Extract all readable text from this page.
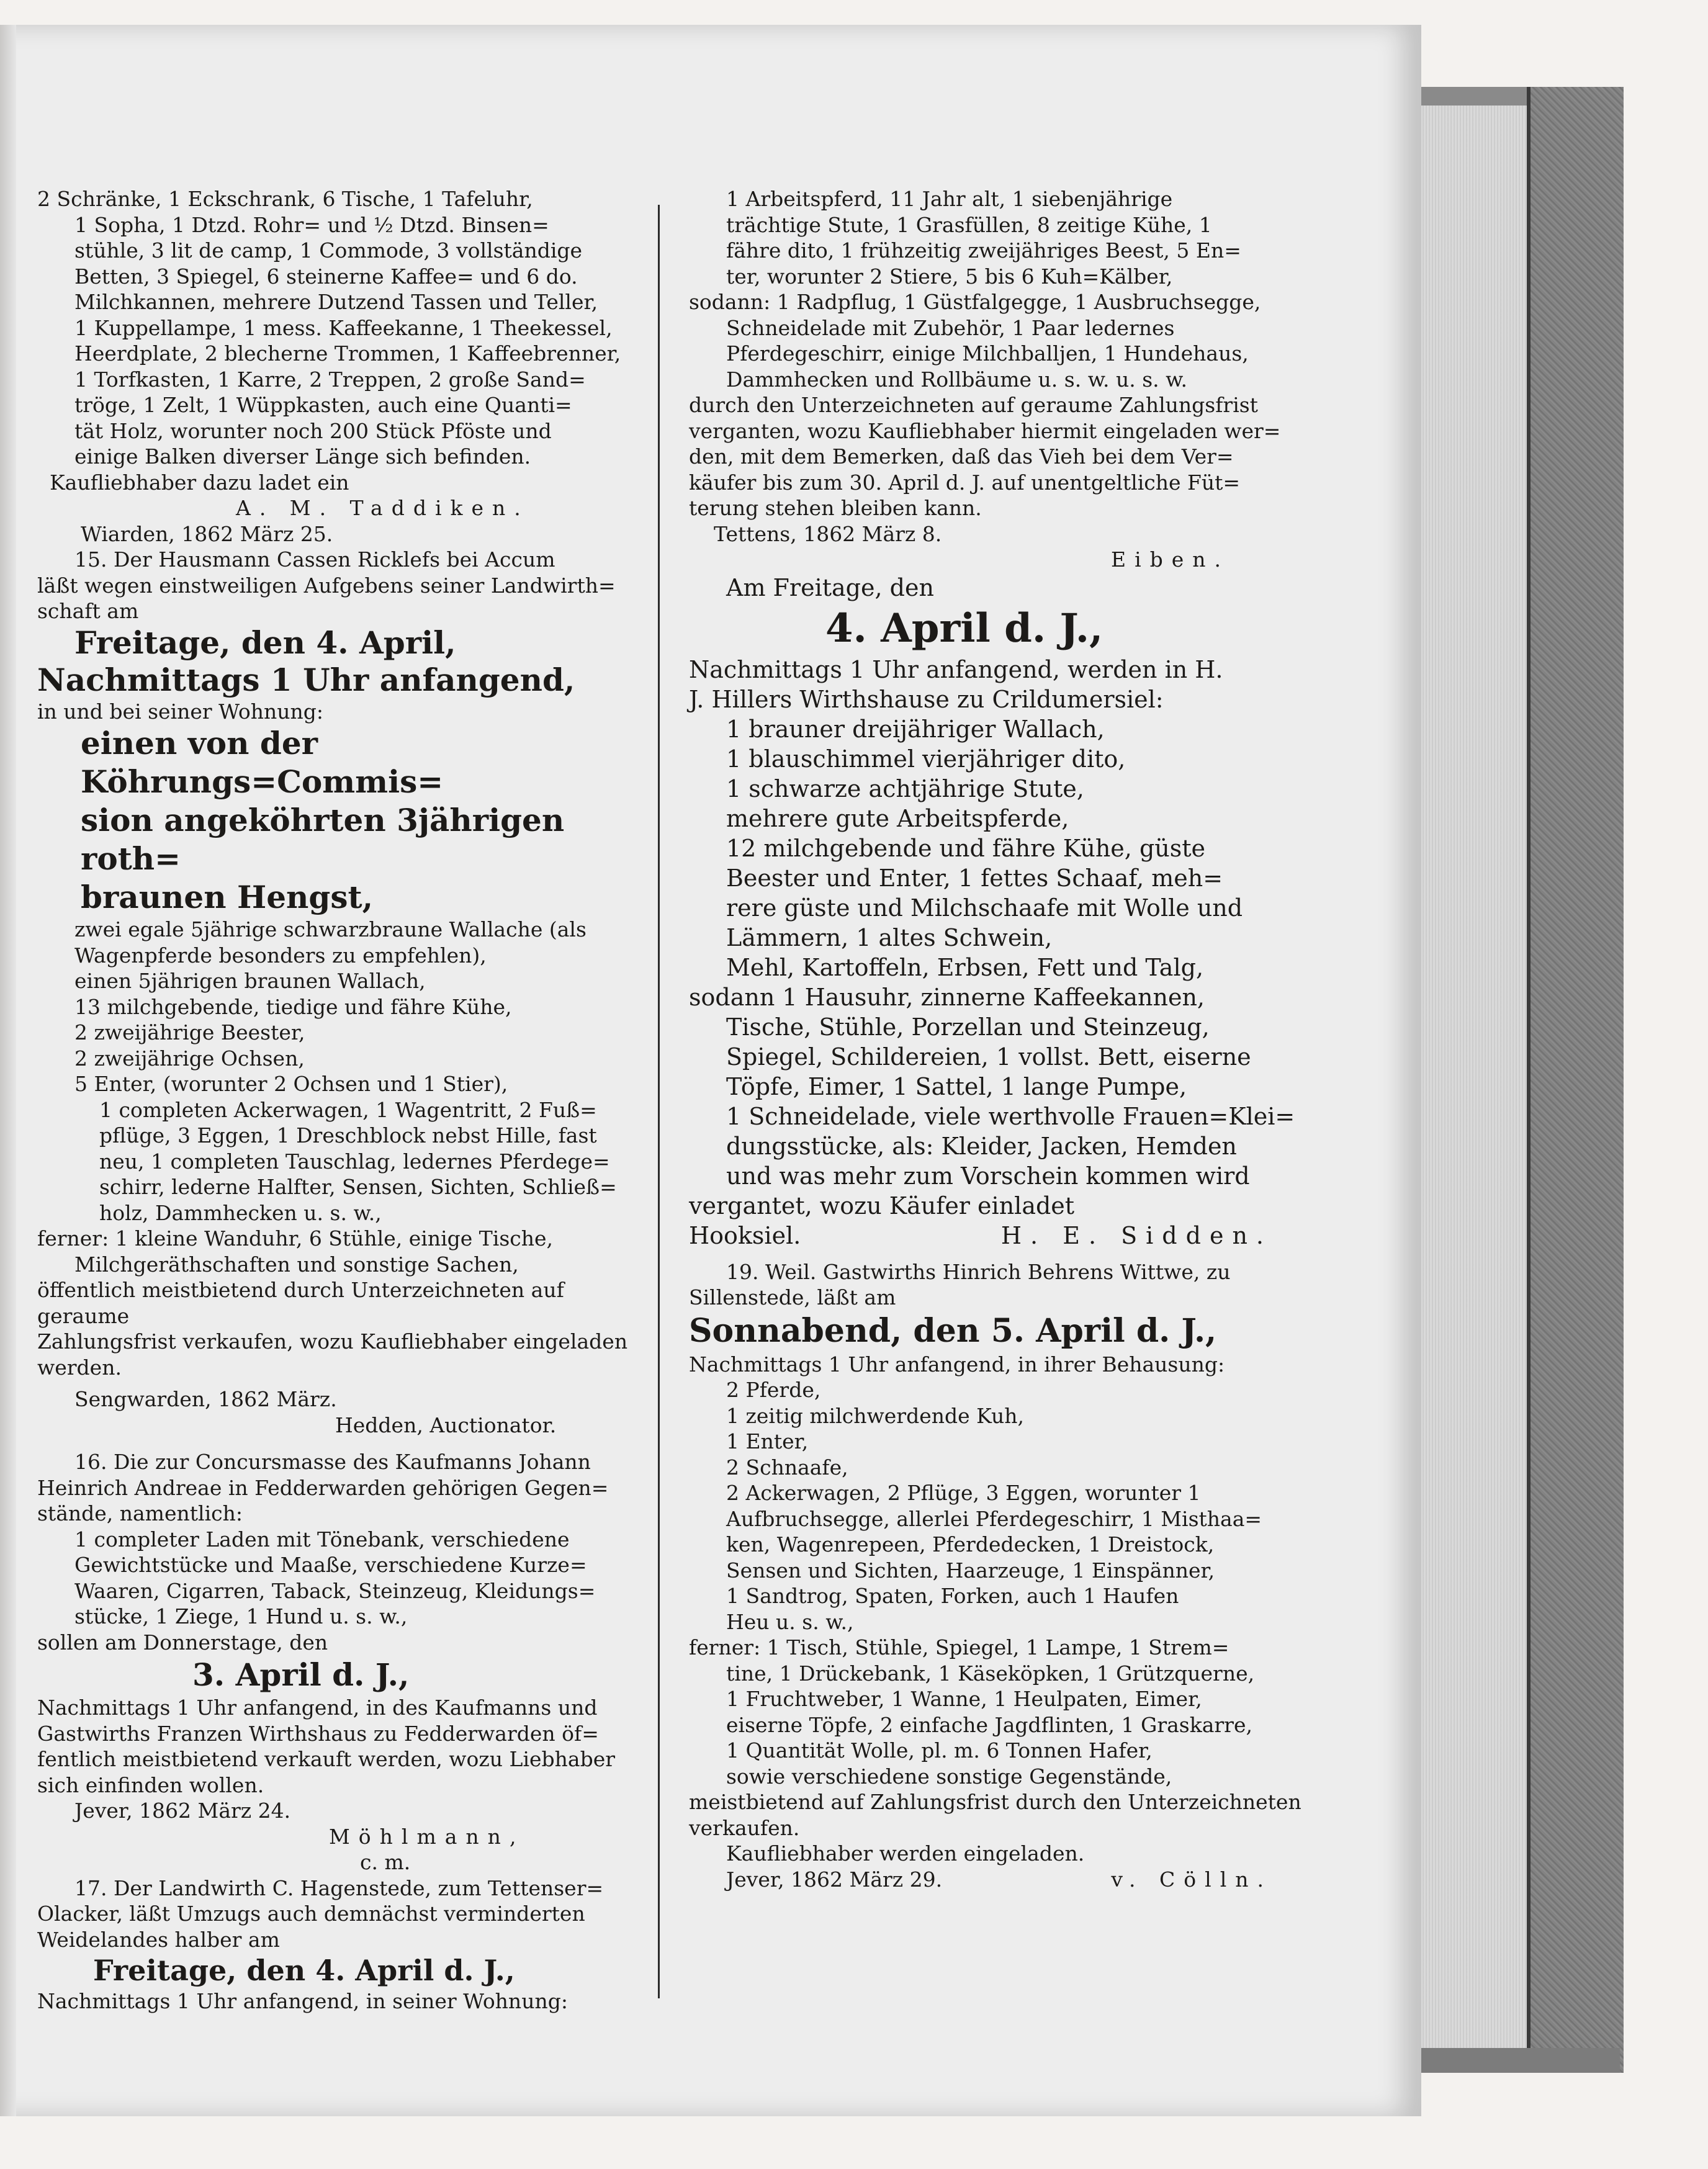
2 Schränke, 1 Eckschrank, 6 Tische, 1 Tafeluhr,

1 Sopha, 1 Dtzd. Rohr= und ½ Dtzd. Binsen=

stühle, 3 lit de camp, 1 Commode, 3 vollständige

Betten, 3 Spiegel, 6 steinerne Kaffee= und 6 do.

Milchkannen, mehrere Dutzend Tassen und Teller,

1 Kuppellampe, 1 mess. Kaffeekanne, 1 Theekessel,

Heerdplate, 2 blecherne Trommen, 1 Kaffeebrenner,

1 Torfkasten, 1 Karre, 2 Treppen, 2 große Sand=

tröge, 1 Zelt, 1 Wüppkasten, auch eine Quanti=

tät Holz, worunter noch 200 Stück Pföste und

einige Balken diverser Länge sich befinden.

Kaufliebhaber dazu ladet ein

A. M. Taddiken.

Wiarden, 1862 März 25.

15. Der Hausmann Cassen Ricklefs bei Accum

läßt wegen einstweiligen Aufgebens seiner Landwirth=

schaft am

Freitage, den 4. April,

Nachmittags 1 Uhr anfangend,

in und bei seiner Wohnung:

einen von der Köhrungs=Commis=

sion angeköhrten 3jährigen roth=

braunen Hengst,

zwei egale 5jährige schwarzbraune Wallache (als

Wagenpferde besonders zu empfehlen),

einen 5jährigen braunen Wallach,

13 milchgebende, tiedige und fähre Kühe,

2 zweijährige Beester,

2 zweijährige Ochsen,

5 Enter, (worunter 2 Ochsen und 1 Stier),

1 completen Ackerwagen, 1 Wagentritt, 2 Fuß=

pflüge, 3 Eggen, 1 Dreschblock nebst Hille, fast

neu, 1 completen Tauschlag, ledernes Pferdege=

schirr, lederne Halfter, Sensen, Sichten, Schließ=

holz, Dammhecken u. s. w.,

ferner: 1 kleine Wanduhr, 6 Stühle, einige Tische,

Milchgeräthschaften und sonstige Sachen,

öffentlich meistbietend durch Unterzeichneten auf geraume

Zahlungsfrist verkaufen, wozu Kaufliebhaber eingeladen

werden.

Sengwarden, 1862 März.

Hedden, Auctionator.

16. Die zur Concursmasse des Kaufmanns Johann

Heinrich Andreae in Fedderwarden gehörigen Gegen=

stände, namentlich:

1 completer Laden mit Tönebank, verschiedene

Gewichtstücke und Maaße, verschiedene Kurze=

Waaren, Cigarren, Taback, Steinzeug, Kleidungs=

stücke, 1 Ziege, 1 Hund u. s. w.,

sollen am Donnerstage, den

3. April d. J.,

Nachmittags 1 Uhr anfangend, in des Kaufmanns und

Gastwirths Franzen Wirthshaus zu Fedderwarden öf=

fentlich meistbietend verkauft werden, wozu Liebhaber

sich einfinden wollen.

Jever, 1862 März 24.

Möhlmann,

c. m.

17. Der Landwirth C. Hagenstede, zum Tettenser=

Olacker, läßt Umzugs auch demnächst verminderten

Weidelandes halber am

Freitage, den 4. April d. J.,

Nachmittags 1 Uhr anfangend, in seiner Wohnung:

1 Arbeitspferd, 11 Jahr alt, 1 siebenjährige

trächtige Stute, 1 Grasfüllen, 8 zeitige Kühe, 1

fähre dito, 1 frühzeitig zweijähriges Beest, 5 En=

ter, worunter 2 Stiere, 5 bis 6 Kuh=Kälber,

sodann: 1 Radpflug, 1 Güstfalgegge, 1 Ausbruchsegge,

Schneidelade mit Zubehör, 1 Paar ledernes

Pferdegeschirr, einige Milchballjen, 1 Hundehaus,

Dammhecken und Rollbäume u. s. w. u. s. w.

durch den Unterzeichneten auf geraume Zahlungsfrist

verganten, wozu Kaufliebhaber hiermit eingeladen wer=

den, mit dem Bemerken, daß das Vieh bei dem Ver=

käufer bis zum 30. April d. J. auf unentgeltliche Füt=

terung stehen bleiben kann.

Tettens, 1862 März 8.

Eiben.

Am Freitage, den

4. April d. J.,

Nachmittags 1 Uhr anfangend, werden in H.

J. Hillers Wirthshause zu Crildumersiel:

1 brauner dreijähriger Wallach,

1 blauschimmel vierjähriger dito,

1 schwarze achtjährige Stute,

mehrere gute Arbeitspferde,

12 milchgebende und fähre Kühe, güste

Beester und Enter, 1 fettes Schaaf, meh=

rere güste und Milchschaafe mit Wolle und

Lämmern, 1 altes Schwein,

Mehl, Kartoffeln, Erbsen, Fett und Talg,

sodann 1 Hausuhr, zinnerne Kaffeekannen,

Tische, Stühle, Porzellan und Steinzeug,

Spiegel, Schildereien, 1 vollst. Bett, eiserne

Töpfe, Eimer, 1 Sattel, 1 lange Pumpe,

1 Schneidelade, viele werthvolle Frauen=Klei=

dungsstücke, als: Kleider, Jacken, Hemden

und was mehr zum Vorschein kommen wird

vergantet, wozu Käufer einladet

Hooksiel.	H. E. Sidden.

19. Weil. Gastwirths Hinrich Behrens Wittwe, zu

Sillenstede, läßt am

Sonnabend, den 5. April d. J.,

Nachmittags 1 Uhr anfangend, in ihrer Behausung:

2 Pferde,

1 zeitig milchwerdende Kuh,

1 Enter,

2 Schnaafe,

2 Ackerwagen, 2 Pflüge, 3 Eggen, worunter 1

Aufbruchsegge, allerlei Pferdegeschirr, 1 Misthaa=

ken, Wagenrepeen, Pferdedecken, 1 Dreistock,

Sensen und Sichten, Haarzeuge, 1 Einspänner,

1 Sandtrog, Spaten, Forken, auch 1 Haufen

Heu u. s. w.,

ferner: 1 Tisch, Stühle, Spiegel, 1 Lampe, 1 Strem=

tine, 1 Drückebank, 1 Käseköpken, 1 Grützquerne,

1 Fruchtweber, 1 Wanne, 1 Heulpaten, Eimer,

eiserne Töpfe, 2 einfache Jagdflinten, 1 Graskarre,

1 Quantität Wolle, pl. m. 6 Tonnen Hafer,

sowie verschiedene sonstige Gegenstände,

meistbietend auf Zahlungsfrist durch den Unterzeichneten

verkaufen.

Kaufliebhaber werden eingeladen.

Jever, 1862 März 29.	v. Cölln.
